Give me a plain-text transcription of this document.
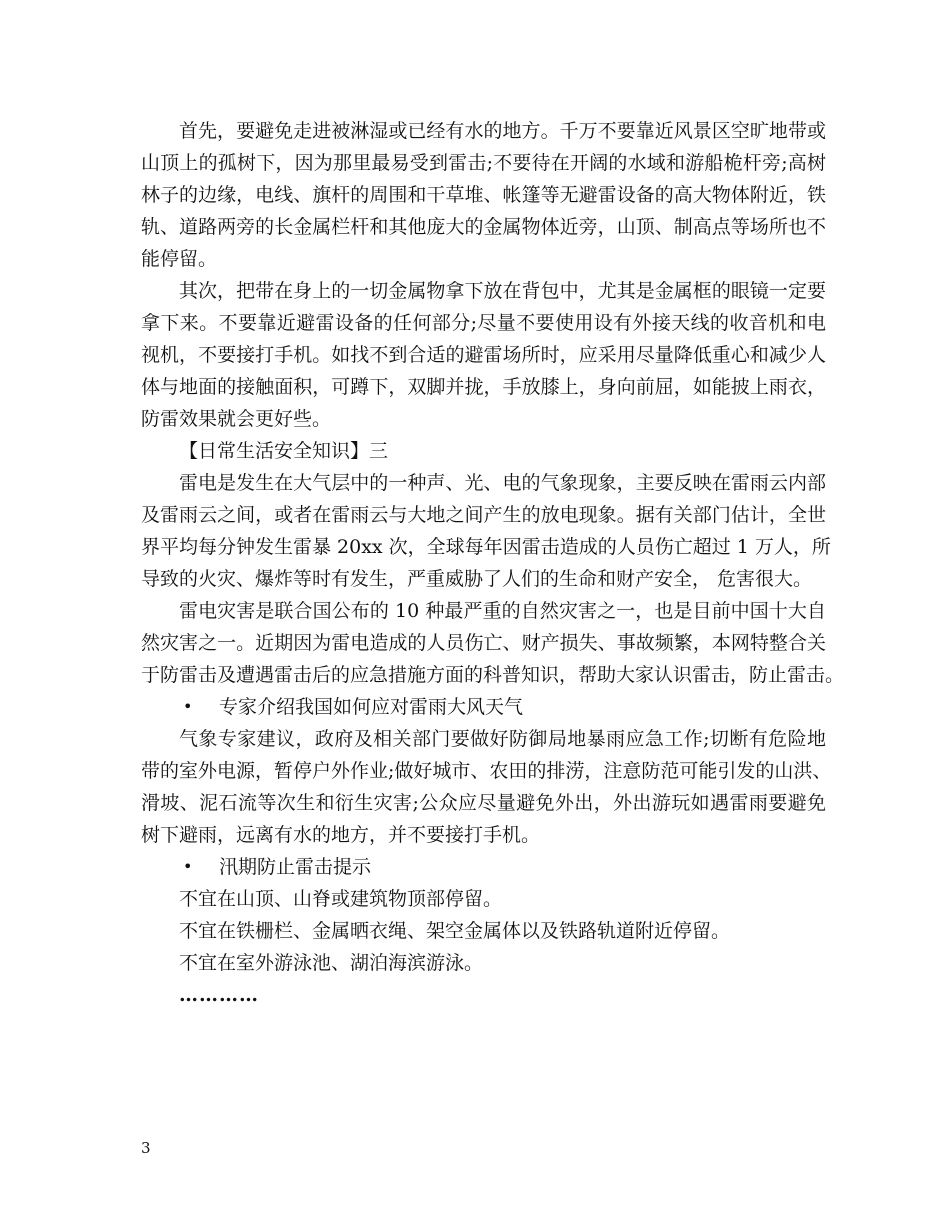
首先，要避免走进被淋湿或已经有水的地方。千万不要靠近风景区空旷地带或
山顶上的孤树下，因为那里最易受到雷击;不要待在开阔的水域和游船桅杆旁;高树
林子的边缘，电线、旗杆的周围和干草堆、帐篷等无避雷设备的高大物体附近，铁
轨、道路两旁的长金属栏杆和其他庞大的金属物体近旁，山顶、制高点等场所也不
能停留。
其次，把带在身上的一切金属物拿下放在背包中，尤其是金属框的眼镜一定要
拿下来。不要靠近避雷设备的任何部分;尽量不要使用设有外接天线的收音机和电
视机，不要接打手机。如找不到合适的避雷场所时，应采用尽量降低重心和减少人
体与地面的接触面积，可蹲下，双脚并拢，手放膝上，身向前屈，如能披上雨衣，
防雷效果就会更好些。
【日常生活安全知识】三
雷电是发生在大气层中的一种声、光、电的气象现象，主要反映在雷雨云内部
及雷雨云之间，或者在雷雨云与大地之间产生的放电现象。据有关部门估计，全世
界平均每分钟发生雷暴 20xx 次，全球每年因雷击造成的人员伤亡超过 1 万人，所
导致的火灾、爆炸等时有发生，严重威胁了人们的生命和财产安全， 危害很大。
雷电灾害是联合国公布的 10 种最严重的自然灾害之一，也是目前中国十大自
然灾害之一。近期因为雷电造成的人员伤亡、财产损失、事故频繁，本网特整合关
于防雷击及遭遇雷击后的应急措施方面的科普知识，帮助大家认识雷击，防止雷击。
•	专家介绍我国如何应对雷雨大风天气
气象专家建议，政府及相关部门要做好防御局地暴雨应急工作;切断有危险地
带的室外电源，暂停户外作业;做好城市、农田的排涝，注意防范可能引发的山洪、
滑坡、泥石流等次生和衍生灾害;公众应尽量避免外出，外出游玩如遇雷雨要避免
树下避雨，远离有水的地方，并不要接打手机。
•	汛期防止雷击提示
不宜在山顶、山脊或建筑物顶部停留。
不宜在铁栅栏、金属晒衣绳、架空金属体以及铁路轨道附近停留。
不宜在室外游泳池、湖泊海滨游泳。
…………
3
